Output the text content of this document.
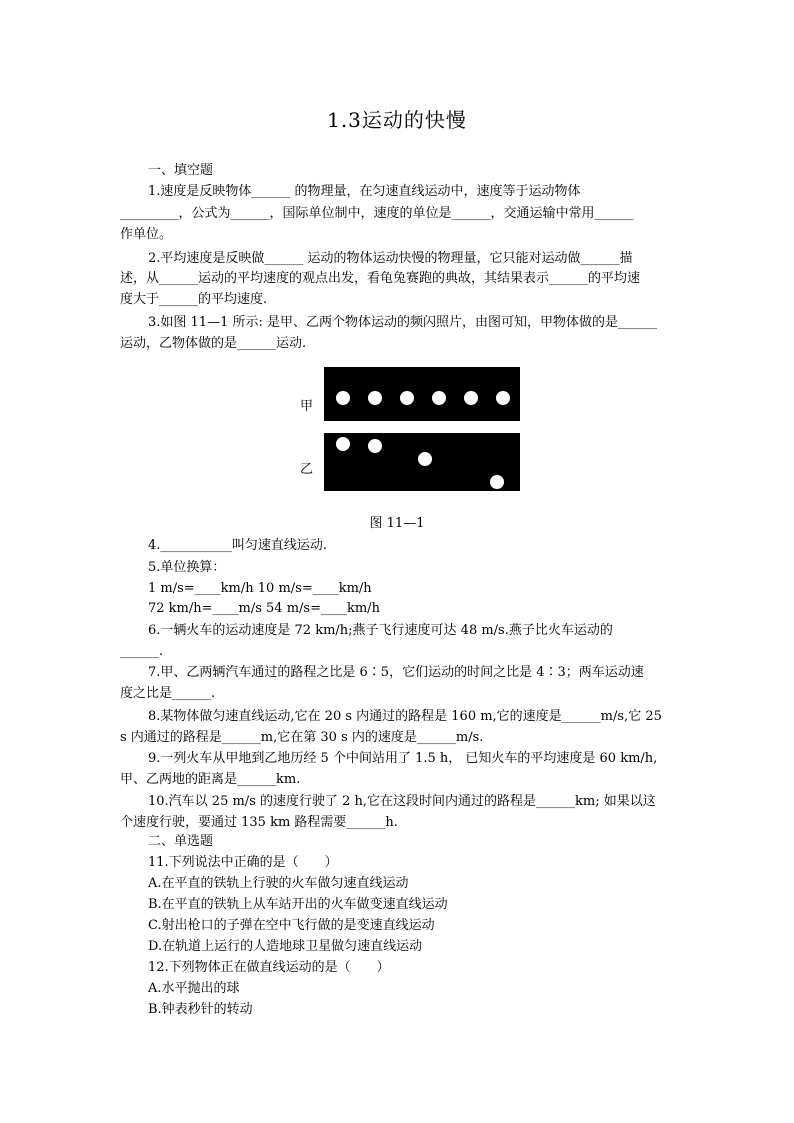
1.3运动的快慢
一、填空题
1.速度是反映物体______ 的物理量，在匀速直线运动中，速度等于运动物体
_________，公式为______，国际单位制中，速度的单位是______，交通运输中常用______
作单位。
2.平均速度是反映做______ 运动的物体运动快慢的物理量，它只能对运动做______描
述，从______运动的平均速度的观点出发，看龟兔赛跑的典故，其结果表示______的平均速
度大于______的平均速度.
3.如图 11—1 所示: 是甲、乙两个物体运动的频闪照片，由图可知，甲物体做的是______
运动，乙物体做的是______运动.
4.___________叫匀速直线运动.
5.单位换算：
1 m/s=____km/h 10 m/s=____km/h
72 km/h=____m/s 54 m/s=____km/h
6.一辆火车的运动速度是 72 km/h;燕子飞行速度可达 48 m/s.燕子比火车运动的
______.
7.甲、乙两辆汽车通过的路程之比是 6∶5，它们运动的时间之比是 4∶3；两车运动速
度之比是______.
8.某物体做匀速直线运动,它在 20 s 内通过的路程是 160 m,它的速度是______m/s,它 25
s 内通过的路程是______m,它在第 30 s 内的速度是______m/s.
9.一列火车从甲地到乙地历经 5 个中间站用了 1.5 h， 已知火车的平均速度是 60 km/h,
甲、乙两地的距离是______km.
10.汽车以 25 m/s 的速度行驶了 2 h,它在这段时间内通过的路程是______km; 如果以这
个速度行驶，要通过 135 km 路程需要______h.
二、单选题
11.下列说法中正确的是（　　）
A.在平直的铁轨上行驶的火车做匀速直线运动
B.在平直的铁轨上从车站开出的火车做变速直线运动
C.射出枪口的子弹在空中飞行做的是变速直线运动
D.在轨道上运行的人造地球卫星做匀速直线运动
12.下列物体正在做直线运动的是（　　）
A.水平抛出的球
B.钟表秒针的转动
甲
乙
图 11—1
